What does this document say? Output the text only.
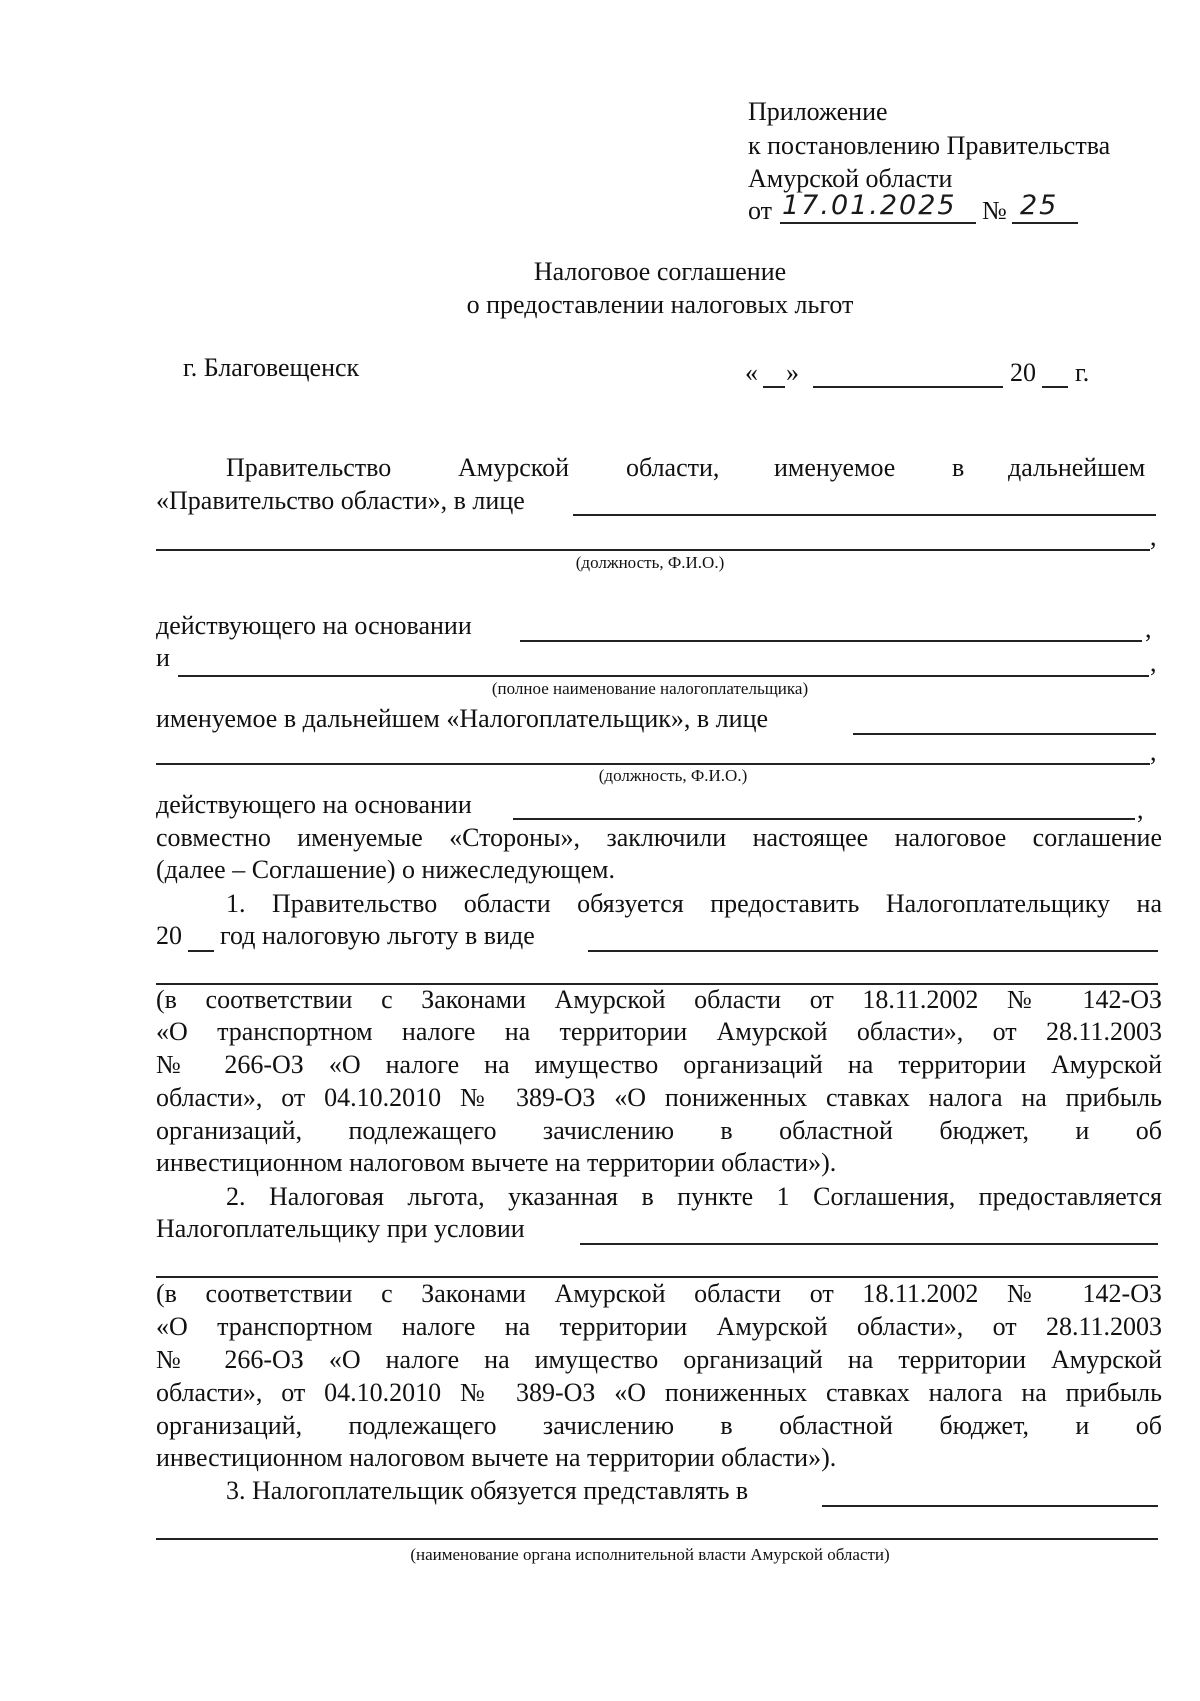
Приложение
к постановлению Правительства
Амурской области
от 17.01.2025 № 25
Налоговое соглашение
о предоставлении налоговых льгот
г. Благовещенск	« »	20 г.
Правительство	Амурской области, именуемое в дальнейшем
«Правительство области», в лице
,
(должность, Ф.И.О.)
действующего на основании	,
и	,
(полное наименование налогоплательщика)
именуемое в дальнейшем «Налогоплательщик», в лице
,
(должность, Ф.И.О.)
действующего на основании	,
совместно именуемые «Стороны», заключили настоящее налоговое соглашение
(далее – Соглашение) о нижеследующем.
1. Правительство области обязуется предоставить Налогоплательщику на
20 год налоговую льготу в виде
(в соответствии с Законами Амурской области от 18.11.2002 № 142-ОЗ
«О транспортном налоге на территории Амурской области», от 28.11.2003
№ 266-ОЗ «О налоге на имущество организаций на территории Амурской
области», от 04.10.2010 № 389-ОЗ «О пониженных ставках налога на прибыль
организаций, подлежащего зачислению в областной бюджет, и об
инвестиционном налоговом вычете на территории области»).
2. Налоговая льгота, указанная в пункте 1 Соглашения, предоставляется
Налогоплательщику при условии
(в соответствии с Законами Амурской области от 18.11.2002 № 142-ОЗ
«О транспортном налоге на территории Амурской области», от 28.11.2003
№ 266-ОЗ «О налоге на имущество организаций на территории Амурской
области», от 04.10.2010 № 389-ОЗ «О пониженных ставках налога на прибыль
организаций, подлежащего зачислению в областной бюджет, и об
инвестиционном налоговом вычете на территории области»).
3. Налогоплательщик обязуется представлять в
(наименование органа исполнительной власти Амурской области)
